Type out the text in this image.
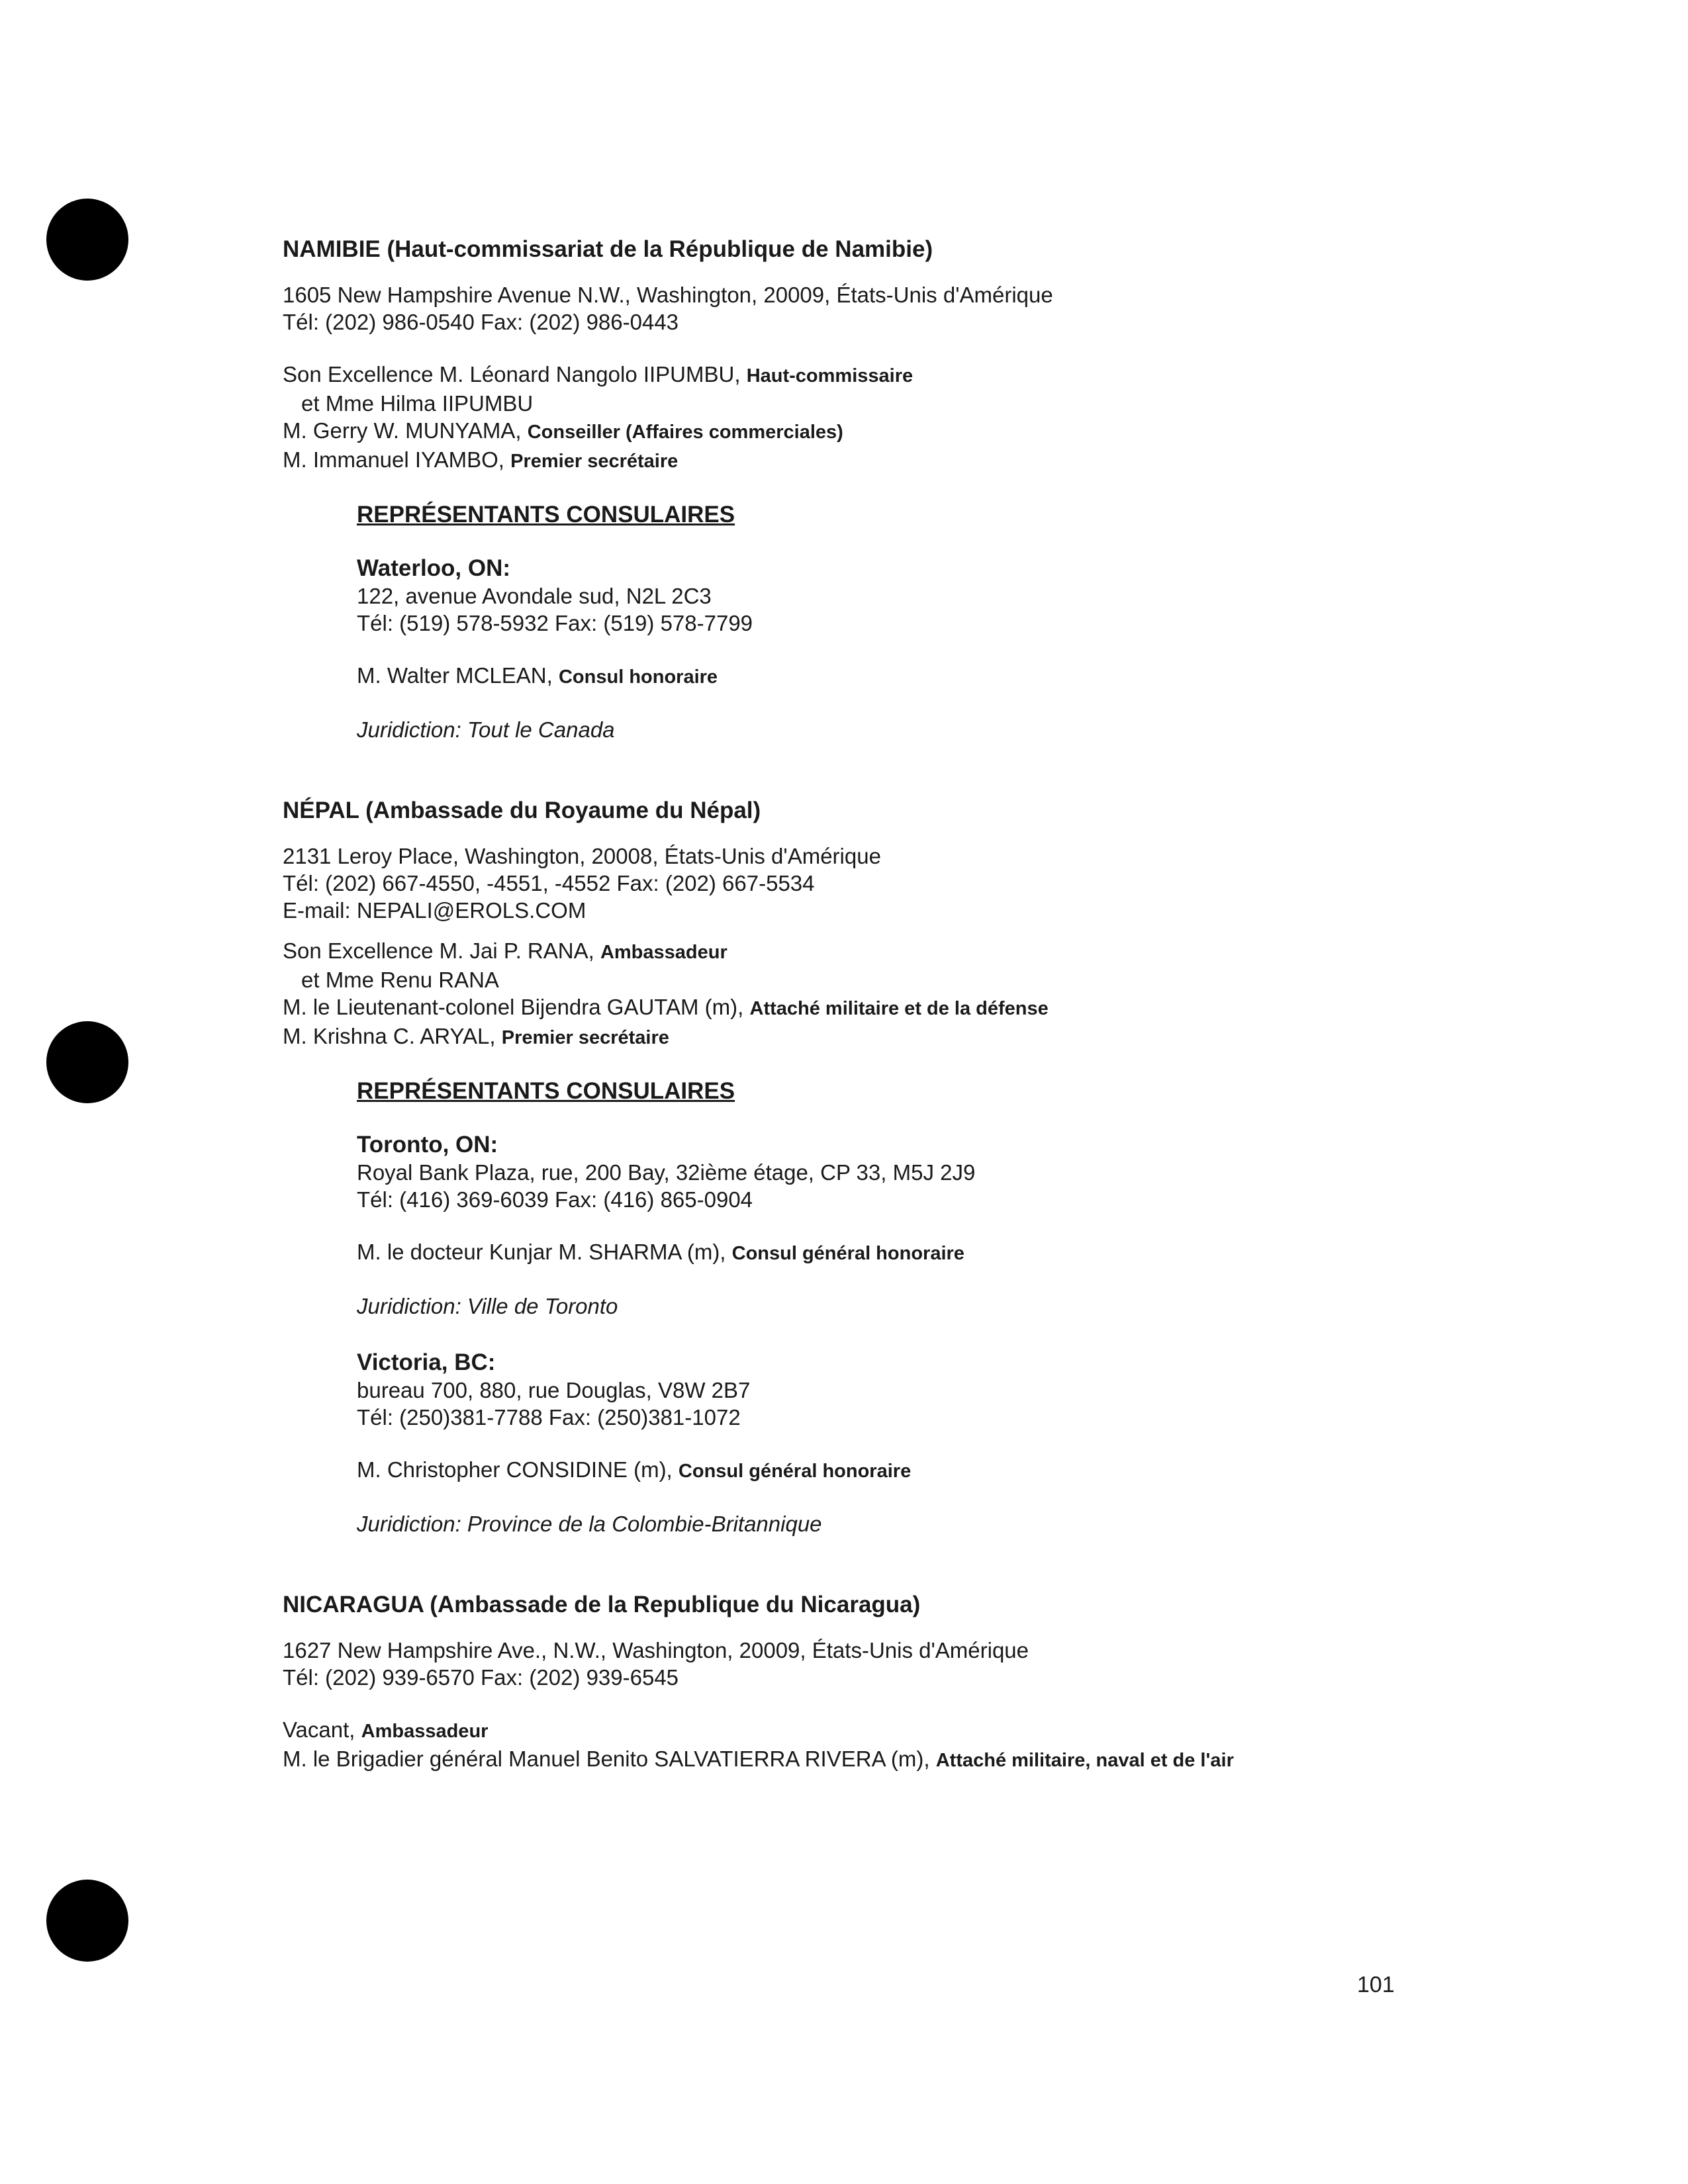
NAMIBIE (Haut-commissariat de la République de Namibie)

1605 New Hampshire Avenue N.W., Washington, 20009, États-Unis d'Amérique

Tél: (202) 986-0540 Fax: (202) 986-0443

Son Excellence M. Léonard Nangolo IIPUMBU, Haut-commissaire

et Mme Hilma IIPUMBU

M. Gerry W. MUNYAMA, Conseiller (Affaires commerciales)

M. Immanuel IYAMBO, Premier secrétaire

REPRÉSENTANTS CONSULAIRES

Waterloo, ON:

122, avenue Avondale sud, N2L 2C3

Tél: (519) 578-5932 Fax: (519) 578-7799

M. Walter MCLEAN, Consul honoraire

Juridiction: Tout le Canada

NÉPAL (Ambassade du Royaume du Népal)

2131 Leroy Place, Washington, 20008, États-Unis d'Amérique

Tél: (202) 667-4550, -4551, -4552 Fax: (202) 667-5534

E-mail: NEPALI@EROLS.COM

Son Excellence M. Jai P. RANA, Ambassadeur

et Mme Renu RANA

M. le Lieutenant-colonel Bijendra GAUTAM (m), Attaché militaire et de la défense

M. Krishna C. ARYAL, Premier secrétaire

REPRÉSENTANTS CONSULAIRES

Toronto, ON:

Royal Bank Plaza, rue, 200 Bay, 32ième étage, CP 33, M5J 2J9

Tél: (416) 369-6039 Fax: (416) 865-0904

M. le docteur Kunjar M. SHARMA (m), Consul général honoraire

Juridiction: Ville de Toronto

Victoria, BC:

bureau 700, 880, rue Douglas, V8W 2B7

Tél: (250)381-7788 Fax: (250)381-1072

M. Christopher CONSIDINE (m), Consul général honoraire

Juridiction: Province de la Colombie-Britannique

NICARAGUA (Ambassade de la Republique du Nicaragua)

1627 New Hampshire Ave., N.W., Washington, 20009, États-Unis d'Amérique

Tél: (202) 939-6570 Fax: (202) 939-6545

Vacant, Ambassadeur

M. le Brigadier général Manuel Benito SALVATIERRA RIVERA (m), Attaché militaire, naval et de l'air

101
